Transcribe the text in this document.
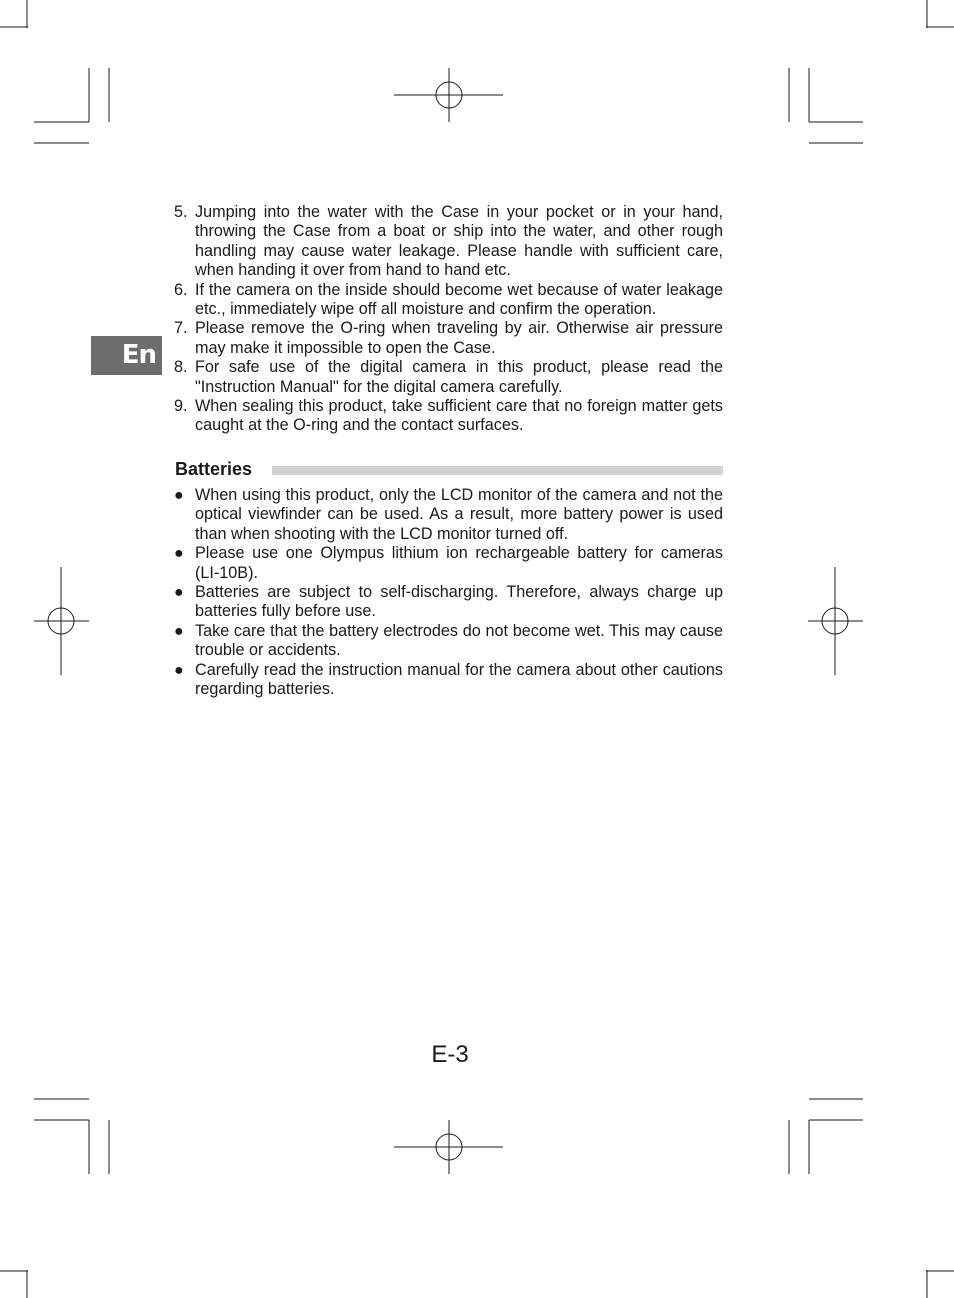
En
5. Jumping into the water with the Case in your pocket or in your hand, throwing the Case from a boat or ship into the water, and other rough handling may cause water leakage. Please handle with sufficient care, when handing it over from hand to hand etc.
6. If the camera on the inside should become wet because of water leakage etc., immediately wipe off all moisture and confirm the operation.
7. Please remove the O-ring when traveling by air. Otherwise air pressure may make it impossible to open the Case.
8. For safe use of the digital camera in this product, please read the "Instruction Manual" for the digital camera carefully.
9. When sealing this product, take sufficient care that no foreign matter gets caught at the O-ring and the contact surfaces.
Batteries
● When using this product, only the LCD monitor of the camera and not the optical viewfinder can be used. As a result, more battery power is used than when shooting with the LCD monitor turned off.
● Please use one Olympus lithium ion rechargeable battery for cameras (LI-10B).
● Batteries are subject to self-discharging. Therefore, always charge up batteries fully before use.
● Take care that the battery electrodes do not become wet. This may cause trouble or accidents.
● Carefully read the instruction manual for the camera about other cautions regarding batteries.
E-3
